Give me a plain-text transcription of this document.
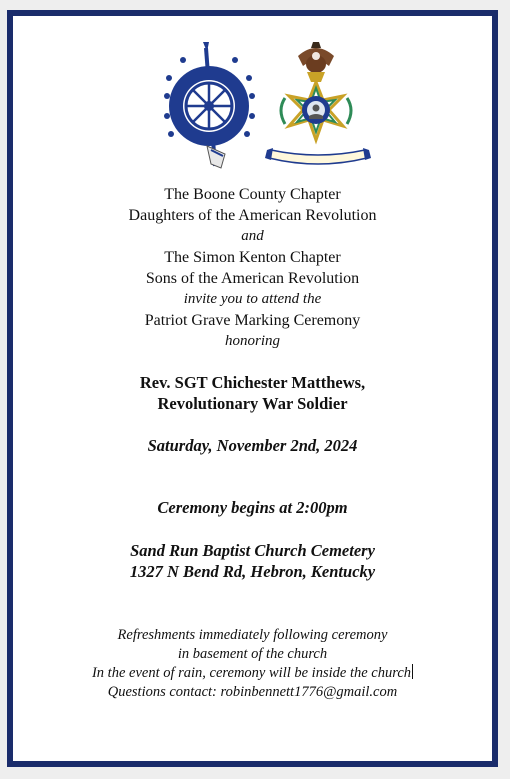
The Boone County Chapter
Daughters of the American Revolution
and
The Simon Kenton Chapter
Sons of the American Revolution
invite you to attend the
Patriot Grave Marking Ceremony
honoring
Rev. SGT Chichester Matthews,
Revolutionary War Soldier
Saturday, November 2nd, 2024
Ceremony begins at 2:00pm
Sand Run Baptist Church Cemetery
1327 N Bend Rd, Hebron, Kentucky
Refreshments immediately following ceremony
in basement of the church
In the event of rain, ceremony will be inside the church
Questions contact: robinbennett1776@gmail.com
